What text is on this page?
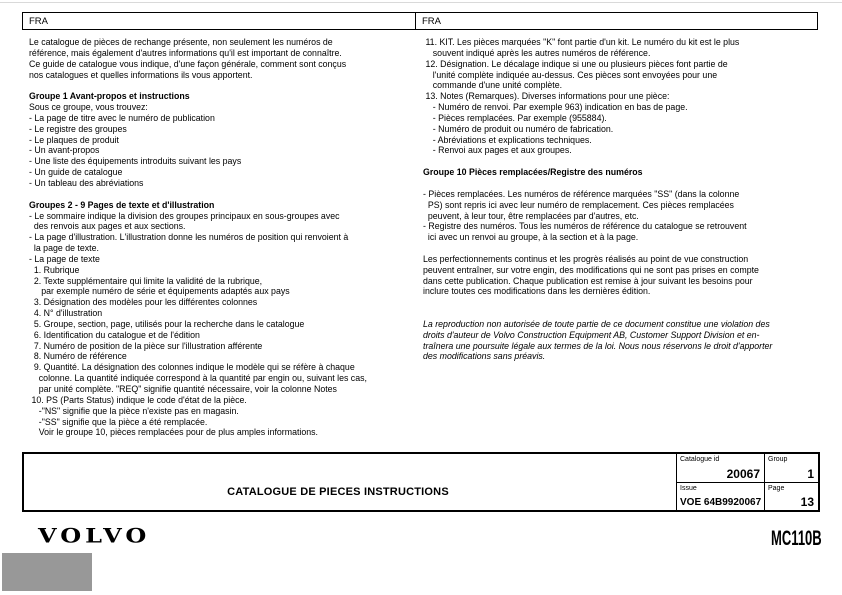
FRA	FRA
Le catalogue de pièces de rechange présente, non seulement les numéros de
référence, mais également d'autres informations qu'il est important de connaître.
Ce guide de catalogue vous indique, d'une façon générale, comment sont conçus
nos catalogues et quelles informations ils vous apportent.

Groupe 1 Avant-propos et instructions
Sous ce groupe, vous trouvez:
- La page de titre avec le numéro de publication
- Le registre des groupes
- Le plaques de produit
- Un avant-propos
- Une liste des équipements introduits suivant les pays
- Un guide de catalogue
- Un tableau des abréviations

Groupes 2 - 9 Pages de texte et d'illustration
- Le sommaire indique la division des groupes principaux en sous-groupes avec
des renvois aux pages et aux sections.
- La page d'illustration. L'illustration donne les numéros de position qui renvoient à
la page de texte.
- La page de texte
1. Rubrique
2. Texte supplémentaire qui limite la validité de la rubrique,
par exemple numéro de série et équipements adaptés aux pays
3. Désignation des modèles pour les différentes colonnes
4. N° d'illustration
5. Groupe, section, page, utilisés pour la recherche dans le catalogue
6. Identification du catalogue et de l'édition
7. Numéro de position de la pièce sur l'illustration afférente
8. Numéro de référence
9. Quantité. La désignation des colonnes indique le modèle qui se réfère à chaque
colonne. La quantité indiquée correspond à la quantité par engin ou, suivant les cas,
par unité complète. "REQ" signifie quantité nécessaire, voir la colonne Notes
10. PS (Parts Status) indique le code d'état de la pièce.
-"NS" signifie que la pièce n'existe pas en magasin.
-"SS" signifie que la pièce a été remplacée.
Voir le groupe 10, pièces remplacées pour de plus amples informations.
11. KIT. Les pièces marquées "K" font partie d'un kit. Le numéro du kit est le plus
souvent indiqué après les autres numéros de référence.
12. Désignation. Le décalage indique si une ou plusieurs pièces font partie de
l'unité complète indiquée au-dessus. Ces pièces sont envoyées pour une
commande d'une unité complète.
13. Notes (Remarques). Diverses informations pour une pièce:
- Numéro de renvoi. Par exemple 963) indication en bas de page.
- Pièces remplacées. Par exemple (955884).
- Numéro de produit ou numéro de fabrication.
- Abréviations et explications techniques.
- Renvoi aux pages et aux groupes.

Groupe 10 Pièces remplacées/Registre des numéros

- Pièces remplacées. Les numéros de référence marquées "SS" (dans la colonne
PS) sont repris ici avec leur numéro de remplacement. Ces pièces remplacées
peuvent, à leur tour, être remplacées par d'autres, etc.
- Registre des numéros. Tous les numéros de référence du catalogue se retrouvent
ici avec un renvoi au groupe, à la section et à la page.

Les perfectionnements continus et les progrès réalisés au point de vue construction
peuvent entraîner, sur votre engin, des modifications qui ne sont pas prises en compte
dans cette publication. Chaque publication est remise à jour suivant les besoins pour
inclure toutes ces modifications dans les dernières édition.

La reproduction non autorisée de toute partie de ce document constitue une violation des
droits d'auteur de Volvo Construction Equipment AB, Customer Support Division et en-
traînera une poursuite légale aux termes de la loi. Nous nous réservons le droit d'apporter
des modifications sans préavis.
CATALOGUE DE PIECES INSTRUCTIONS
Catalogue id
20067
Group
1
Issue
VOE 64B9920067
Page
13
VOLVO	MC110B
